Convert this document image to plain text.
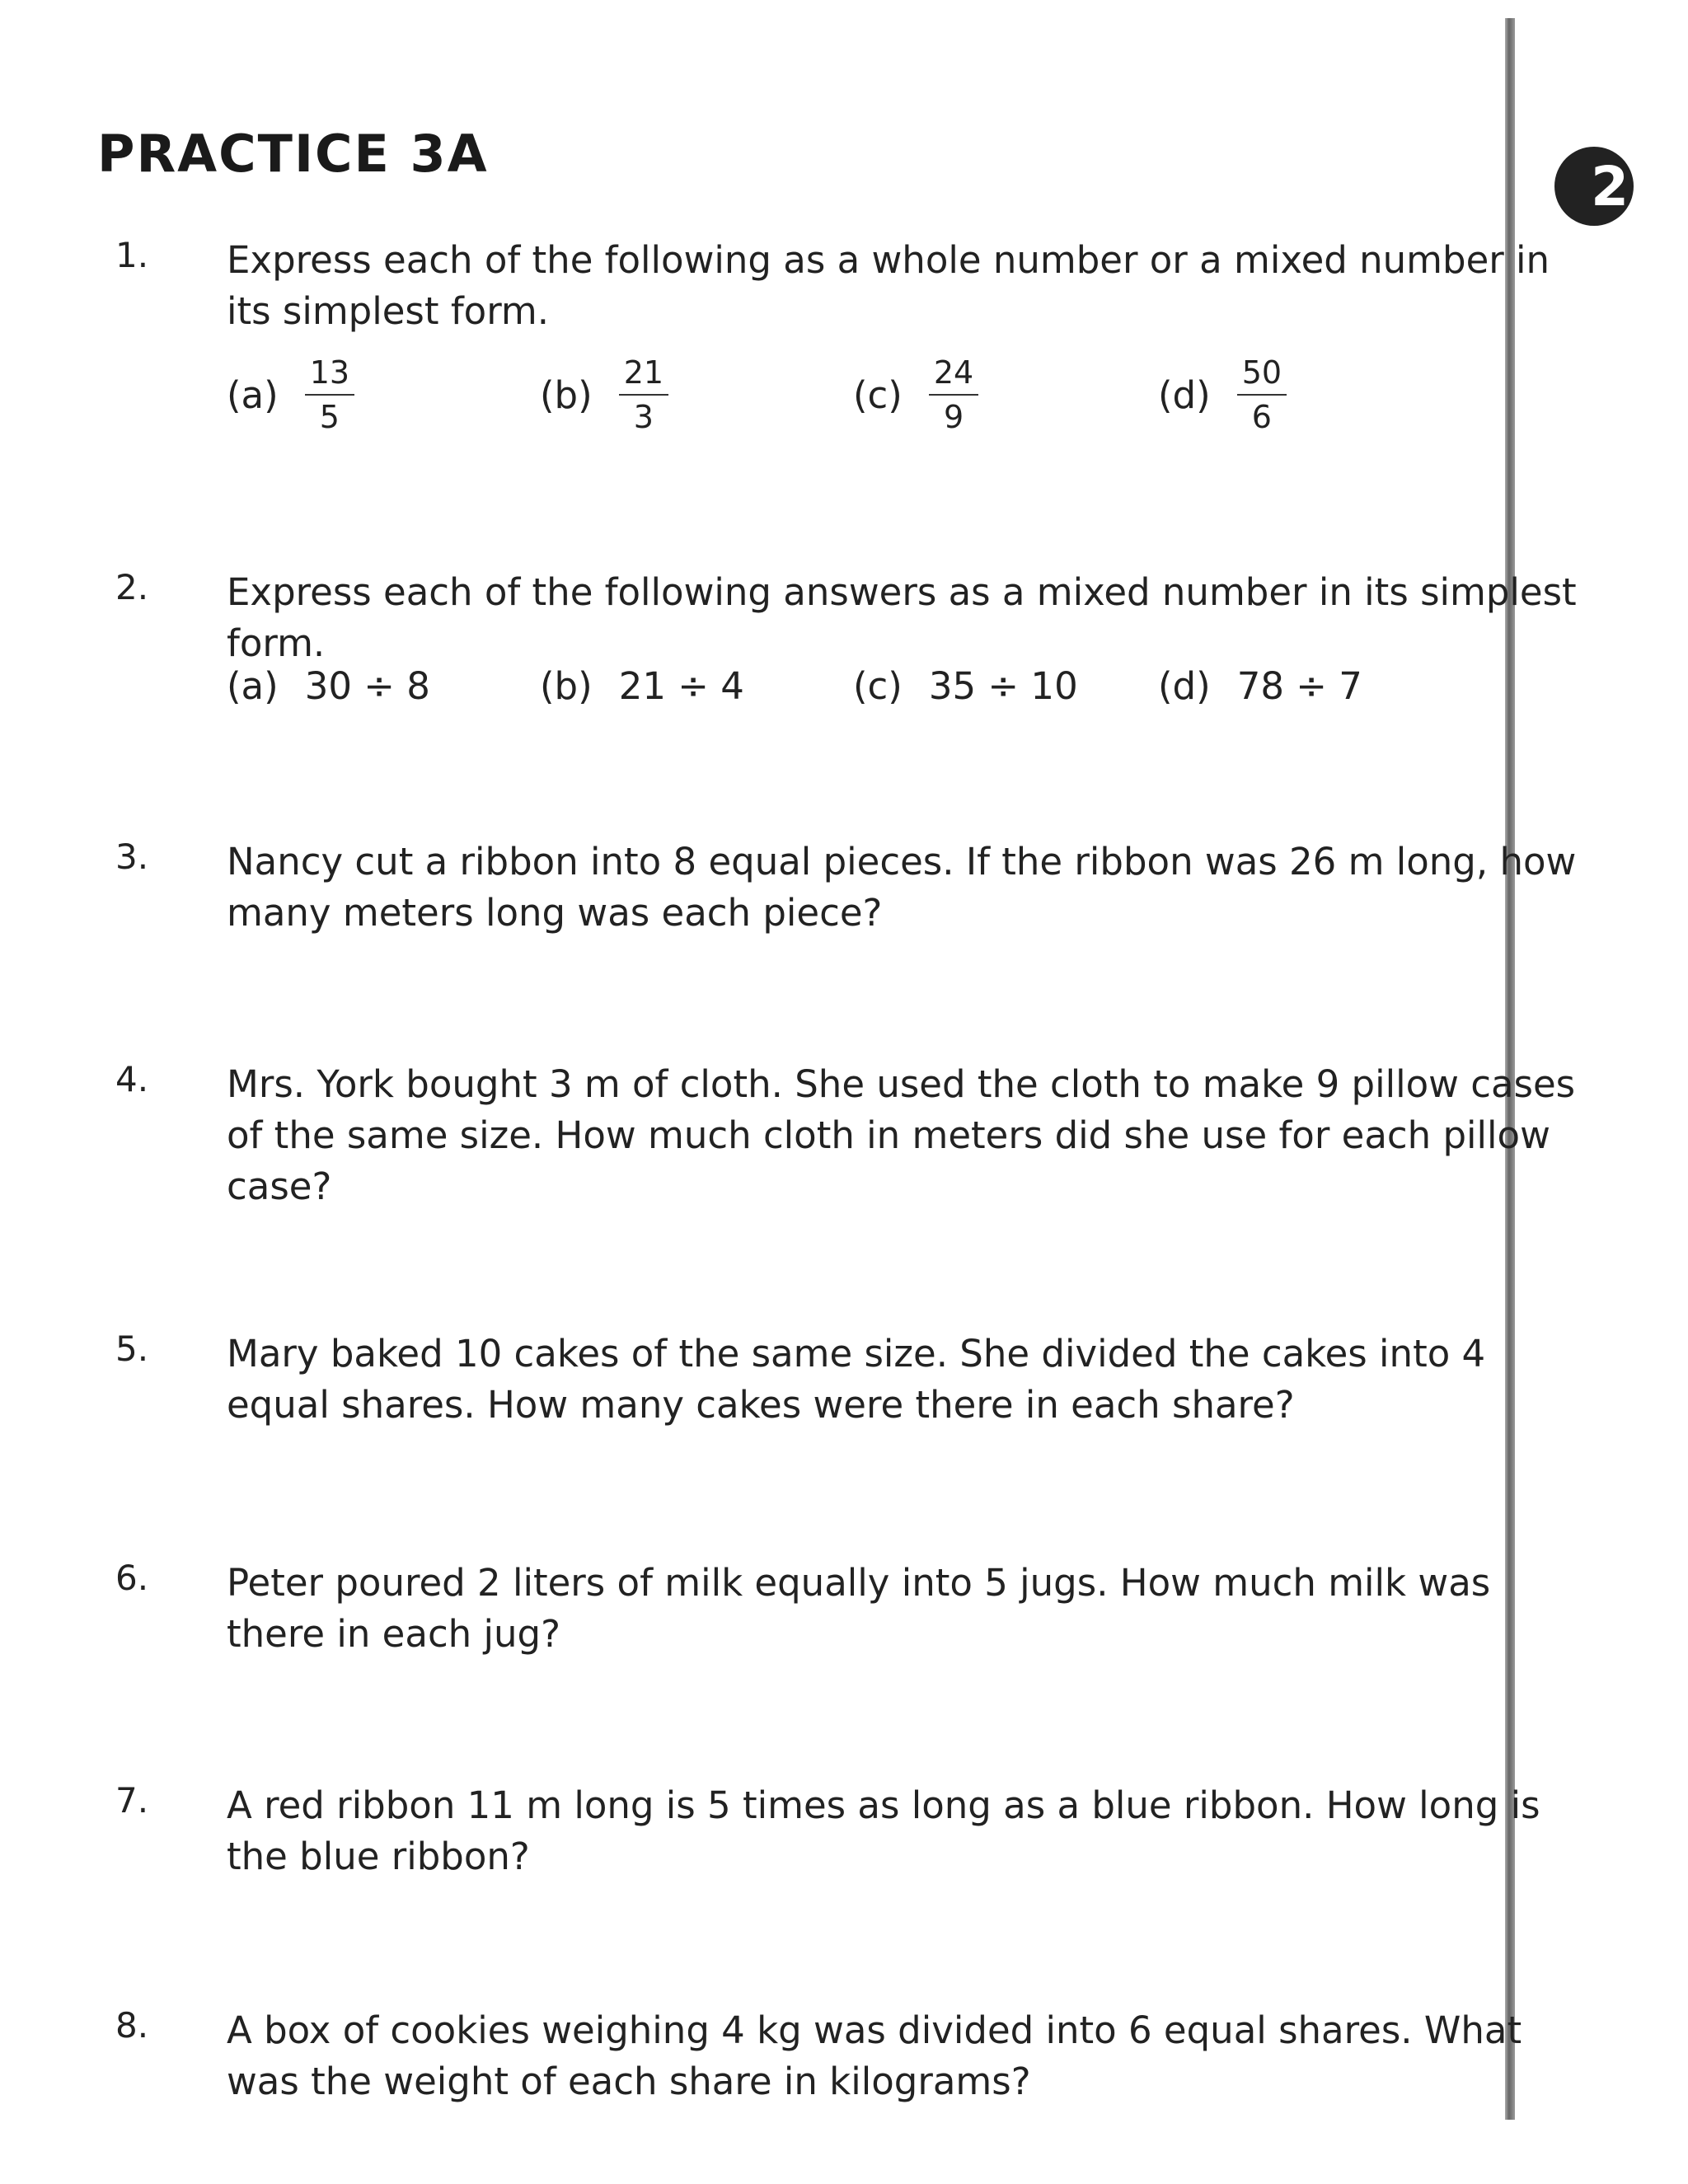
PRACTICE 3A
2
1. Express each of the following as a whole number or a mixed number in its simplest form.
$(a) \frac{13}{5}$	$(b) \frac{21}{3}$	$(c) \frac{24}{9}$	$(d) \frac{50}{6}$
2. Express each of the following answers as a mixed number in its simplest form.
(a) 30 ÷ 8	(b) 21 ÷ 4	(c) 35 ÷ 10 (d) 78 ÷ 7
3. Nancy cut a ribbon into 8 equal pieces. If the ribbon was 26 m long, how many meters long was each piece?
4. Mrs. York bought 3 m of cloth. She used the cloth to make 9 pillow cases of the same size. How much cloth in meters did she use for each pillow case?
5. Mary baked 10 cakes of the same size. She divided the cakes into 4 equal shares. How many cakes were there in each share?
6. Peter poured 2 liters of milk equally into 5 jugs. How much milk was there in each jug?
7. A red ribbon 11 m long is 5 times as long as a blue ribbon. How long is the blue ribbon?
8. A box of cookies weighing 4 kg was divided into 6 equal shares. What was the weight of each share in kilograms?
